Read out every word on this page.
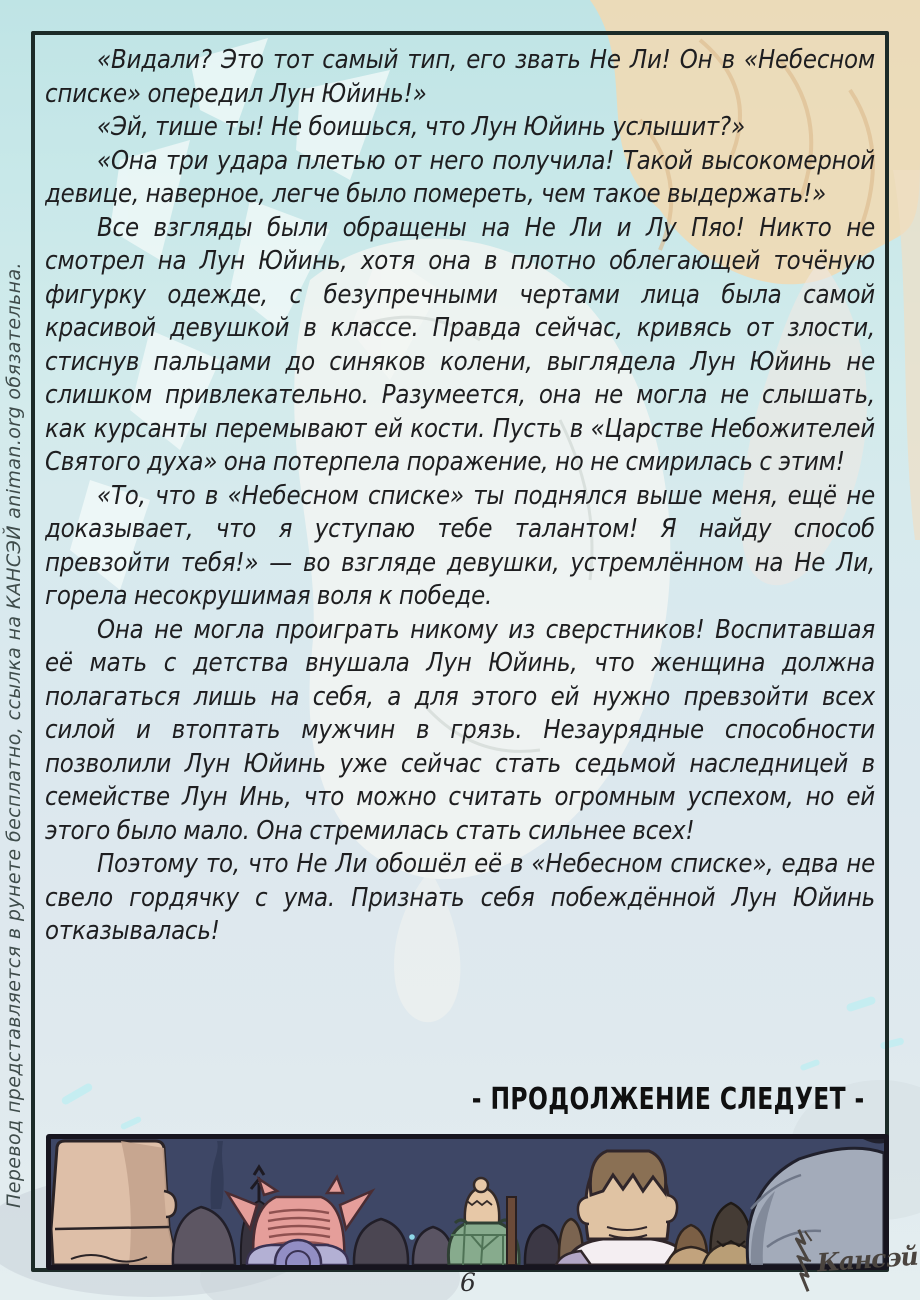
Перевод представляется в рунете бесплатно, ссылка на КАНСЭЙ animan.org обязательна.

«Видали? Это тот самый тип, его звать Не Ли! Он в «Небесном списке» опередил Лун Юйинь!»

«Эй, тише ты! Не боишься, что Лун Юйинь услышит?»

«Она три удара плетью от него получила! Такой высокомерной девице, наверное, легче было помереть, чем такое выдержать!»

Все взгляды были обращены на Не Ли и Лу Пяо! Никто не смотрел на Лун Юйинь, хотя она в плотно облегающей точёную фигурку одежде, с безупречными чертами лица была самой красивой девушкой в классе. Правда сейчас, кривясь от злости, стиснув пальцами до синяков колени, выглядела Лун Юйинь не слишком привлекательно. Разумеется, она не могла не слышать, как курсанты перемывают ей кости. Пусть в «Царстве Небожителей Святого духа» она потерпела поражение, но не смирилась с этим!

«То, что в «Небесном списке» ты поднялся выше меня, ещё не доказывает, что я уступаю тебе талантом! Я найду способ превзойти тебя!» — во взгляде девушки, устремлённом на Не Ли, горела несокрушимая воля к победе.

Она не могла проиграть никому из сверстников! Воспитавшая её мать с детства внушала Лун Юйинь, что женщина должна полагаться лишь на себя, а для этого ей нужно превзойти всех силой и втоптать мужчин в грязь. Незаурядные способности позволили Лун Юйинь уже сейчас стать седьмой наследницей в семействе Лун Инь, что можно считать огромным успехом, но ей этого было мало. Она стремилась стать сильнее всех!

Поэтому то, что Не Ли обошёл её в «Небесном списке», едва не свело гордячку с ума. Признать себя побеждённой Лун Юйинь отказывалась!

- ПРОДОЛЖЕНИЕ СЛЕДУЕТ -
Кансэй
6
